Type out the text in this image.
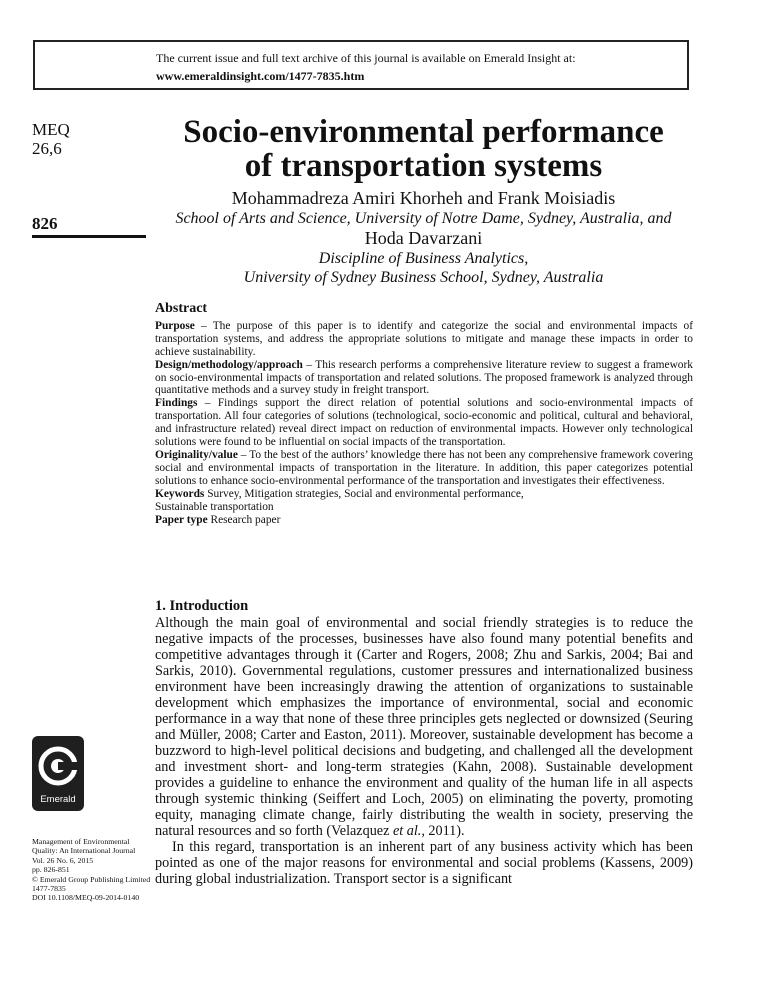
The current issue and full text archive of this journal is available on Emerald Insight at:
www.emeraldinsight.com/1477-7835.htm
MEQ
26,6
826
Socio-environmental performance
of transportation systems
Mohammadreza Amiri Khorheh and Frank Moisiadis
School of Arts and Science, University of Notre Dame, Sydney, Australia, and
Hoda Davarzani
Discipline of Business Analytics,
University of Sydney Business School, Sydney, Australia
Abstract

Purpose – The purpose of this paper is to identify and categorize the social and environmental impacts of transportation systems, and address the appropriate solutions to mitigate and manage these impacts in order to achieve sustainability.

Design/methodology/approach – This research performs a comprehensive literature review to suggest a framework on socio-environmental impacts of transportation and related solutions. The proposed framework is analyzed through quantitative methods and a survey study in freight transport.

Findings – Findings support the direct relation of potential solutions and socio-environmental impacts of transportation. All four categories of solutions (technological, socio-economic and political, cultural and behavioral, and infrastructure related) reveal direct impact on reduction of environmental impacts. However only technological solutions were found to be influential on social impacts of the transportation.

Originality/value – To the best of the authors’ knowledge there has not been any comprehensive framework covering social and environmental impacts of transportation in the literature. In addition, this paper categorizes potential solutions to enhance socio-environmental performance of the transportation and investigates their effectiveness.

Keywords Survey, Mitigation strategies, Social and environmental performance,
Sustainable transportation

Paper type Research paper

1. Introduction

Although the main goal of environmental and social friendly strategies is to reduce the negative impacts of the processes, businesses have also found many potential benefits and competitive advantages through it (Carter and Rogers, 2008; Zhu and Sarkis, 2004; Bai and Sarkis, 2010). Governmental regulations, customer pressures and internationalized business environment have been increasingly drawing the attention of organizations to sustainable development which emphasizes the importance of environmental, social and economic performance in a way that none of these three principles gets neglected or downsized (Seuring and Müller, 2008; Carter and Easton, 2011). Moreover, sustainable development has become a buzzword to high-level political decisions and budgeting, and challenged all the development and investment short- and long-term strategies (Kahn, 2008). Sustainable development provides a guideline to enhance the environment and quality of the human life in all aspects through systemic thinking (Seiffert and Loch, 2005) on eliminating the poverty, promoting equity, managing climate change, fairly distributing the wealth in society, preserving the natural resources and so forth (Velazquez et al., 2011).

In this regard, transportation is an inherent part of any business activity which has been pointed as one of the major reasons for environmental and social problems (Kassens, 2009) during global industrialization. Transport sector is a significant

Emerald
Management of Environmental
Quality: An International Journal
Vol. 26 No. 6, 2015
pp. 826-851
© Emerald Group Publishing Limited
1477-7835
DOI 10.1108/MEQ-09-2014-0140
